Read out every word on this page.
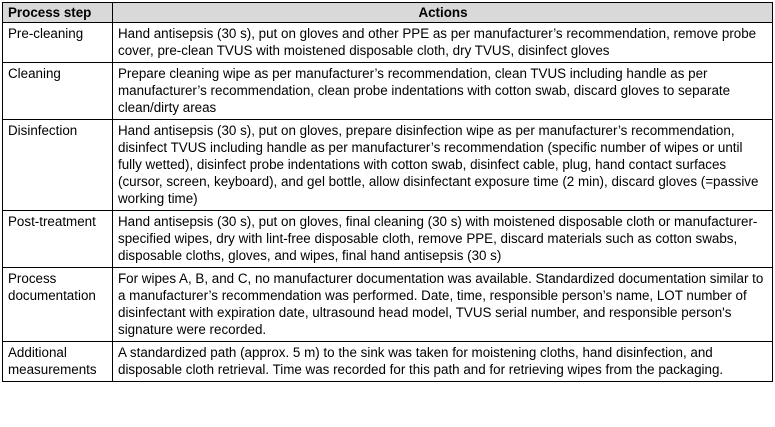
Process step	Actions
Pre-cleaning	Hand antisepsis (30 s), put on gloves and other PPE as per manufacturer’s recommendation, remove probe cover, pre-clean TVUS with moistened disposable cloth, dry TVUS, disinfect gloves
Cleaning	Prepare cleaning wipe as per manufacturer’s recommendation, clean TVUS including handle as per manufacturer’s recommendation, clean probe indentations with cotton swab, discard gloves to separate clean/dirty areas
Disinfection	Hand antisepsis (30 s), put on gloves, prepare disinfection wipe as per manufacturer’s recommendation, disinfect TVUS including handle as per manufacturer’s recommendation (specific number of wipes or until fully wetted), disinfect probe indentations with cotton swab, disinfect cable, plug, hand contact surfaces (cursor, screen, keyboard), and gel bottle, allow disinfectant exposure time (2 min), discard gloves (=passive working time)
Post-treatment	Hand antisepsis (30 s), put on gloves, final cleaning (30 s) with moistened disposable cloth or manufacturer-specified wipes, dry with lint-free disposable cloth, remove PPE, discard materials such as cotton swabs, disposable cloths, gloves, and wipes, final hand antisepsis (30 s)
Process documentation	For wipes A, B, and C, no manufacturer documentation was available. Standardized documentation similar to a manufacturer’s recommendation was performed. Date, time, responsible person’s name, LOT number of disinfectant with expiration date, ultrasound head model, TVUS serial number, and responsible person's signature were recorded.
Additional measurements	A standardized path (approx. 5 m) to the sink was taken for moistening cloths, hand disinfection, and disposable cloth retrieval. Time was recorded for this path and for retrieving wipes from the packaging.
